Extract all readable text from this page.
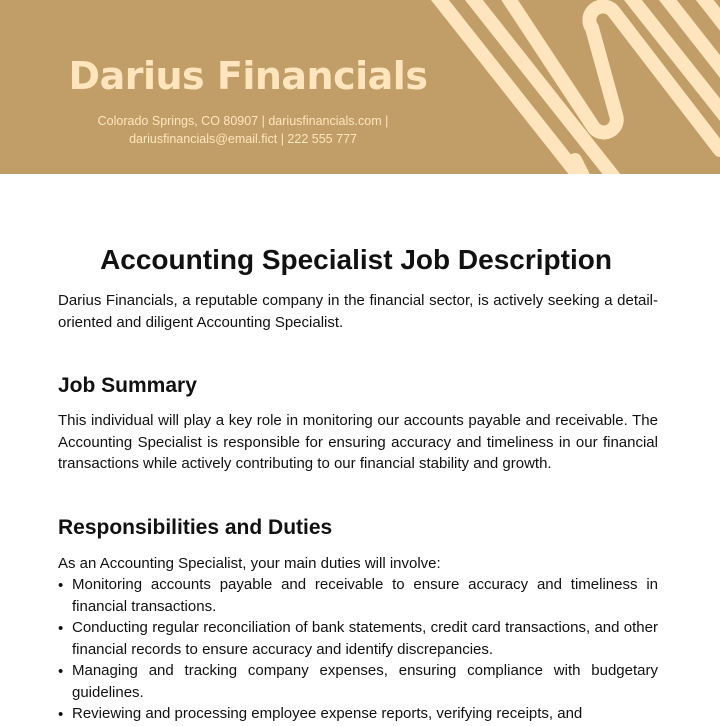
Darius Financials
Colorado Springs, CO 80907 | dariusfinancials.com |
dariusfinancials@email.fict | 222 555 777
Accounting Specialist Job Description

Darius Financials, a reputable company in the financial sector, is actively seeking a detail-oriented and diligent Accounting Specialist.

Job Summary

This individual will play a key role in monitoring our accounts payable and receivable. The Accounting Specialist is responsible for ensuring accuracy and timeliness in our financial transactions while actively contributing to our financial stability and growth.

Responsibilities and Duties

As an Accounting Specialist, your main duties will involve:

• Monitoring accounts payable and receivable to ensure accuracy and timeliness in financial transactions.
• Conducting regular reconciliation of bank statements, credit card transactions, and other financial records to ensure accuracy and identify discrepancies.
• Managing and tracking company expenses, ensuring compliance with budgetary guidelines.
• Reviewing and processing employee expense reports, verifying receipts, and
